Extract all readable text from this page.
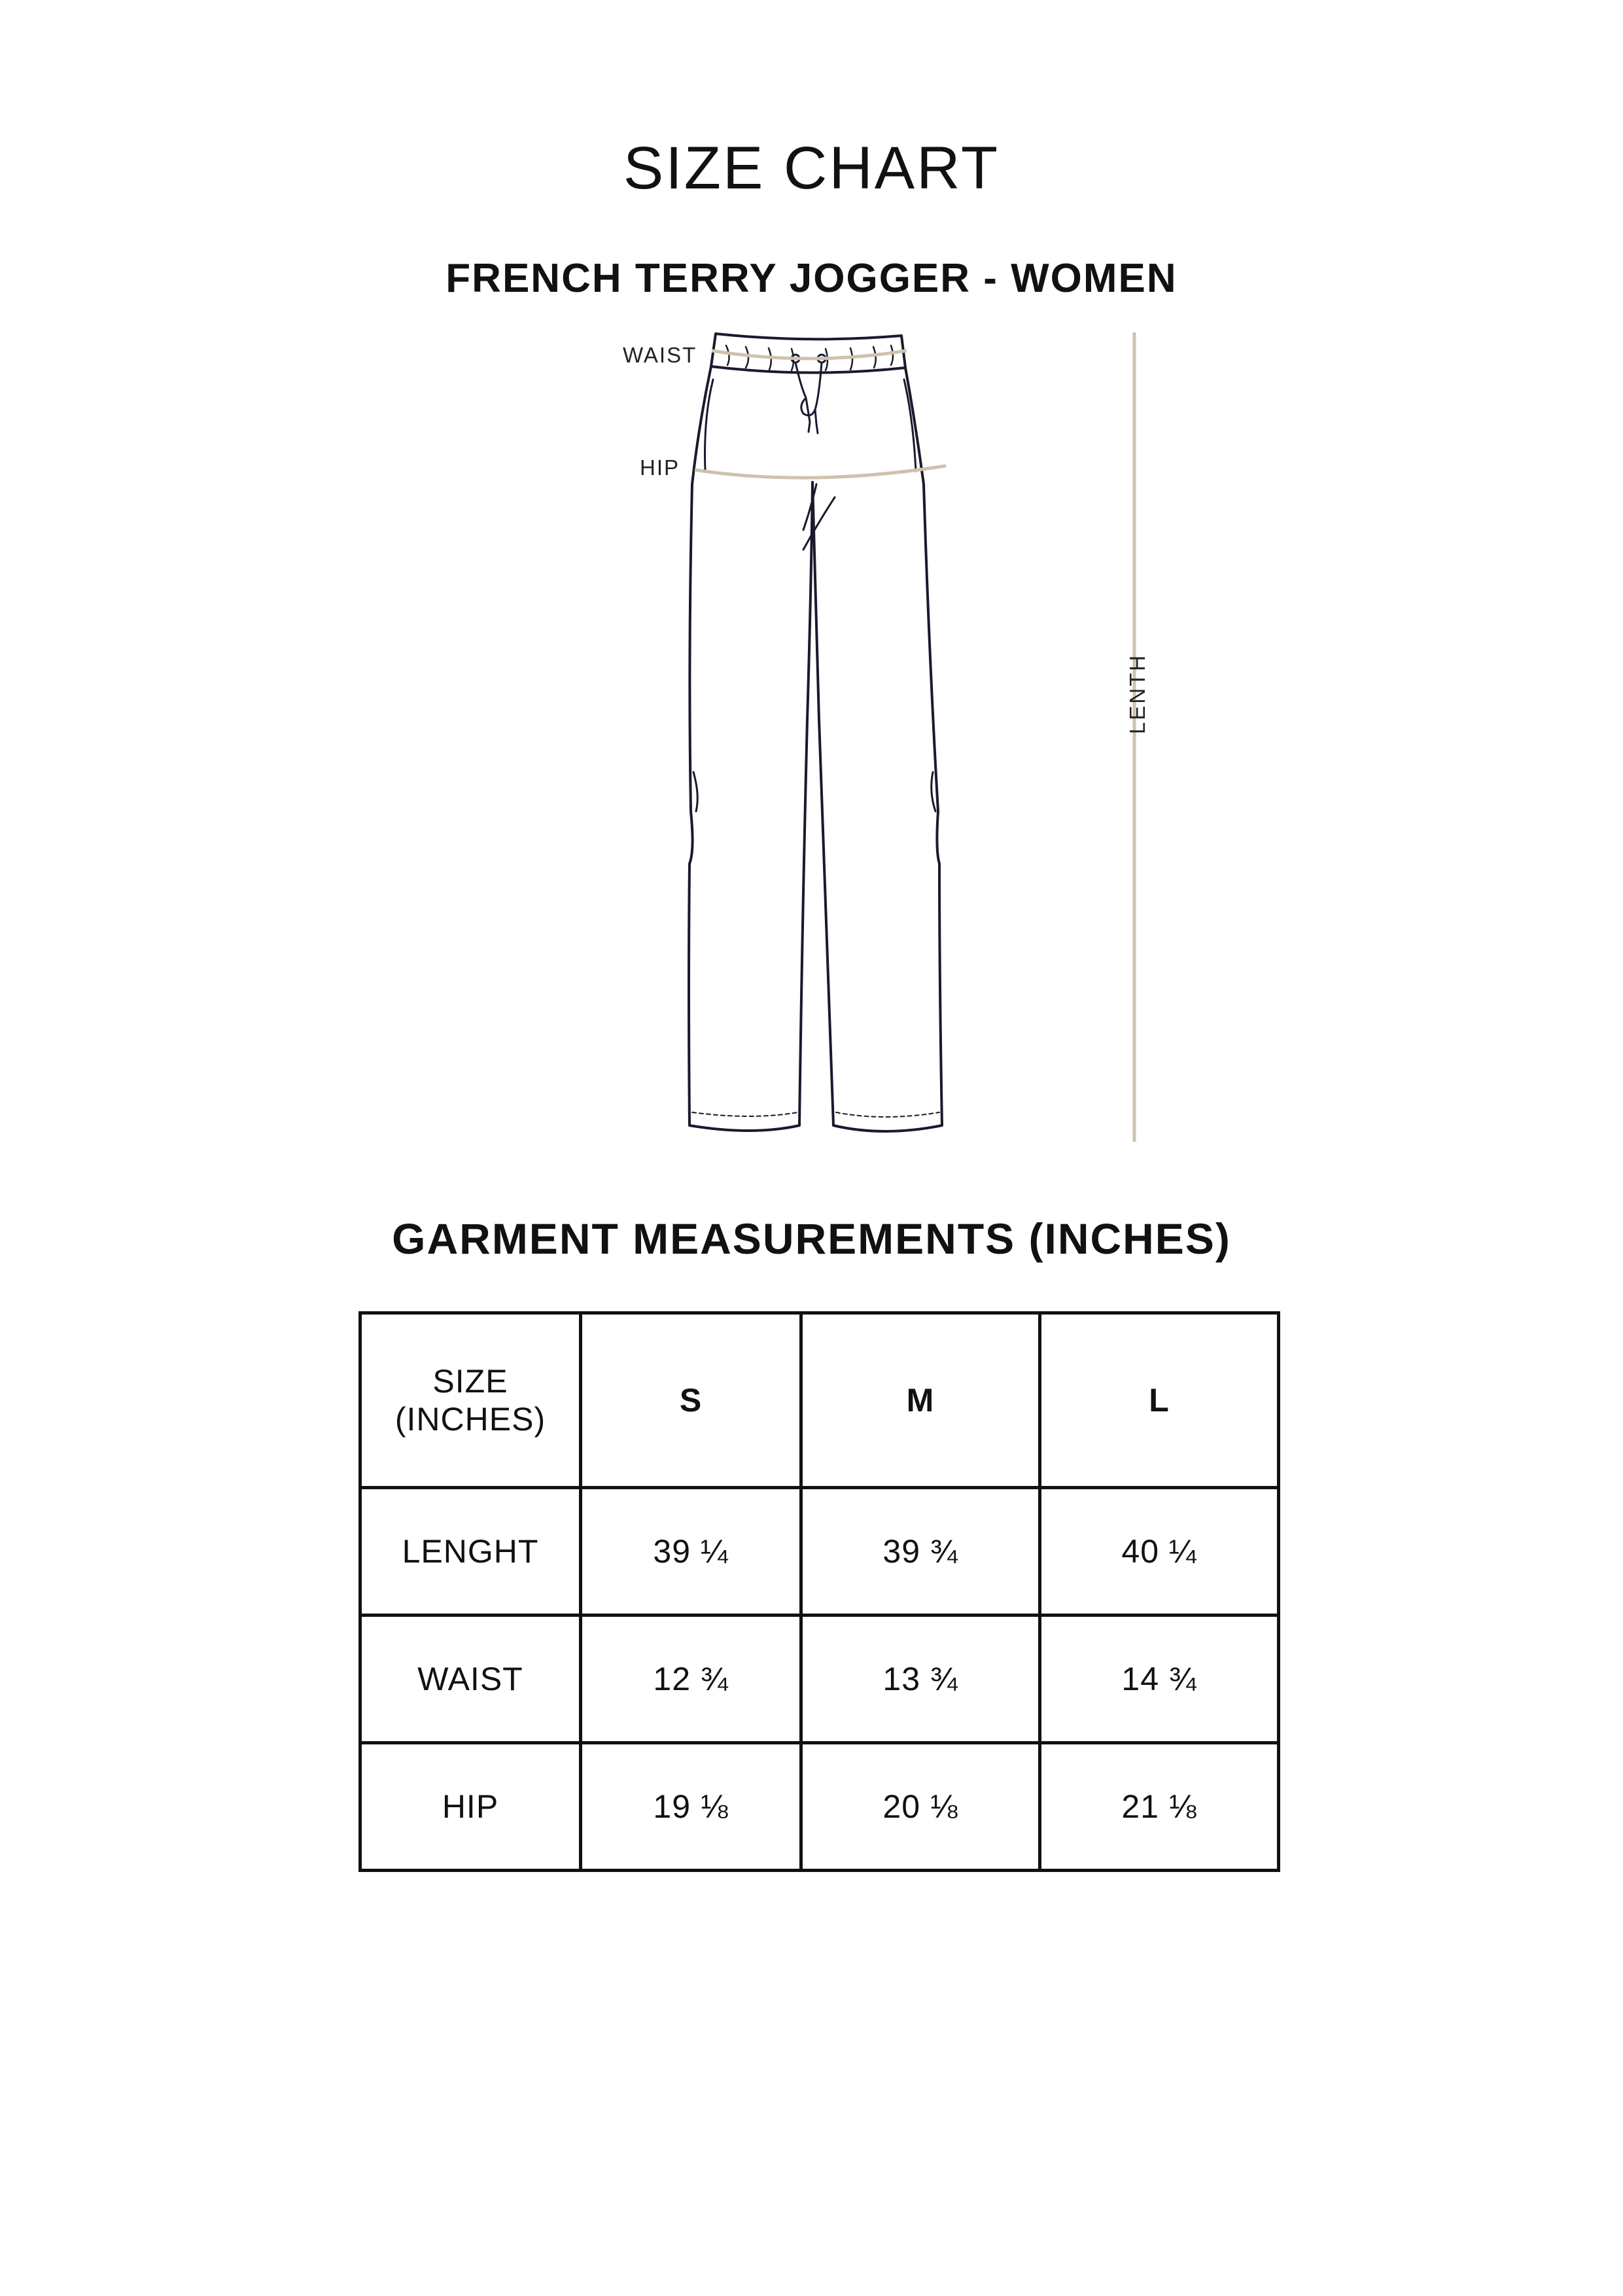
SIZE CHART
FRENCH TERRY JOGGER - WOMEN
WAIST
HIP
LENTH
GARMENT MEASUREMENTS (INCHES)
SIZE
(INCHES)	S	M	L
LENGHT	39 ¼	39 ¾	40 ¼
WAIST	12 ¾	13 ¾	14 ¾
HIP	19 ⅛	20 ⅛	21 ⅛
